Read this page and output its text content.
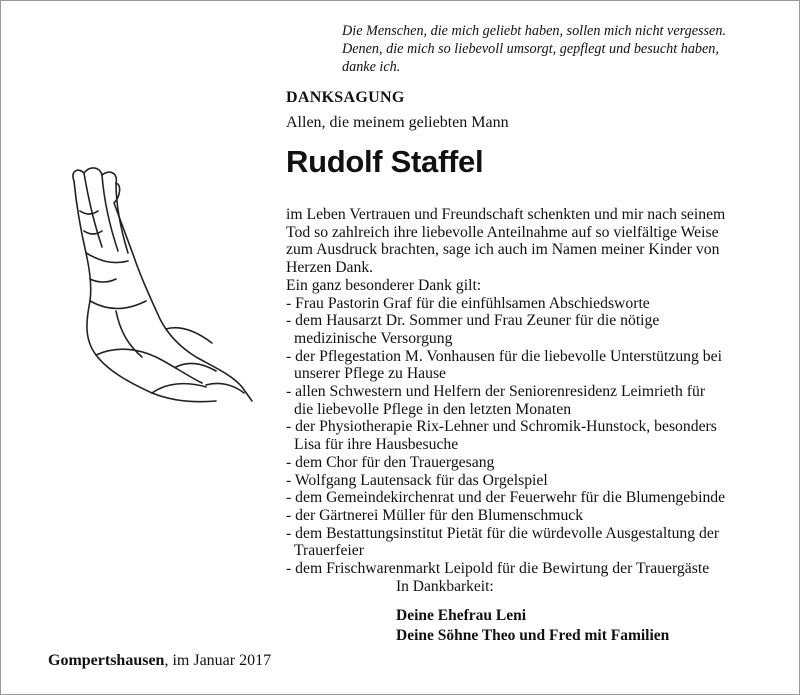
Die Menschen, die mich geliebt haben, sollen mich nicht vergessen.
Denen, die mich so liebevoll umsorgt, gepflegt und besucht haben,
danke ich.
DANKSAGUNG
Allen, die meinem geliebten Mann
Rudolf Staffel
im Leben Vertrauen und Freundschaft schenkten und mir nach seinem
Tod so zahlreich ihre liebevolle Anteilnahme auf so vielfältige Weise
zum Ausdruck brachten, sage ich auch im Namen meiner Kinder von
Herzen Dank.
Ein ganz besonderer Dank gilt:
- Frau Pastorin Graf für die einfühlsamen Abschiedsworte
- dem Hausarzt Dr. Sommer und Frau Zeuner für die nötige
medizinische Versorgung
- der Pflegestation M. Vonhausen für die liebevolle Unterstützung bei
unserer Pflege zu Hause
- allen Schwestern und Helfern der Seniorenresidenz Leimrieth für
die liebevolle Pflege in den letzten Monaten
- der Physiotherapie Rix-Lehner und Schromik-Hunstock, besonders
Lisa für ihre Hausbesuche
- dem Chor für den Trauergesang
- Wolfgang Lautensack für das Orgelspiel
- dem Gemeindekirchenrat und der Feuerwehr für die Blumengebinde
- der Gärtnerei Müller für den Blumenschmuck
- dem Bestattungsinstitut Pietät für die würdevolle Ausgestaltung der
Trauerfeier
- dem Frischwarenmarkt Leipold für die Bewirtung der Trauergäste
In Dankbarkeit:
Deine Ehefrau Leni
Deine Söhne Theo und Fred mit Familien
Gompertshausen, im Januar 2017
